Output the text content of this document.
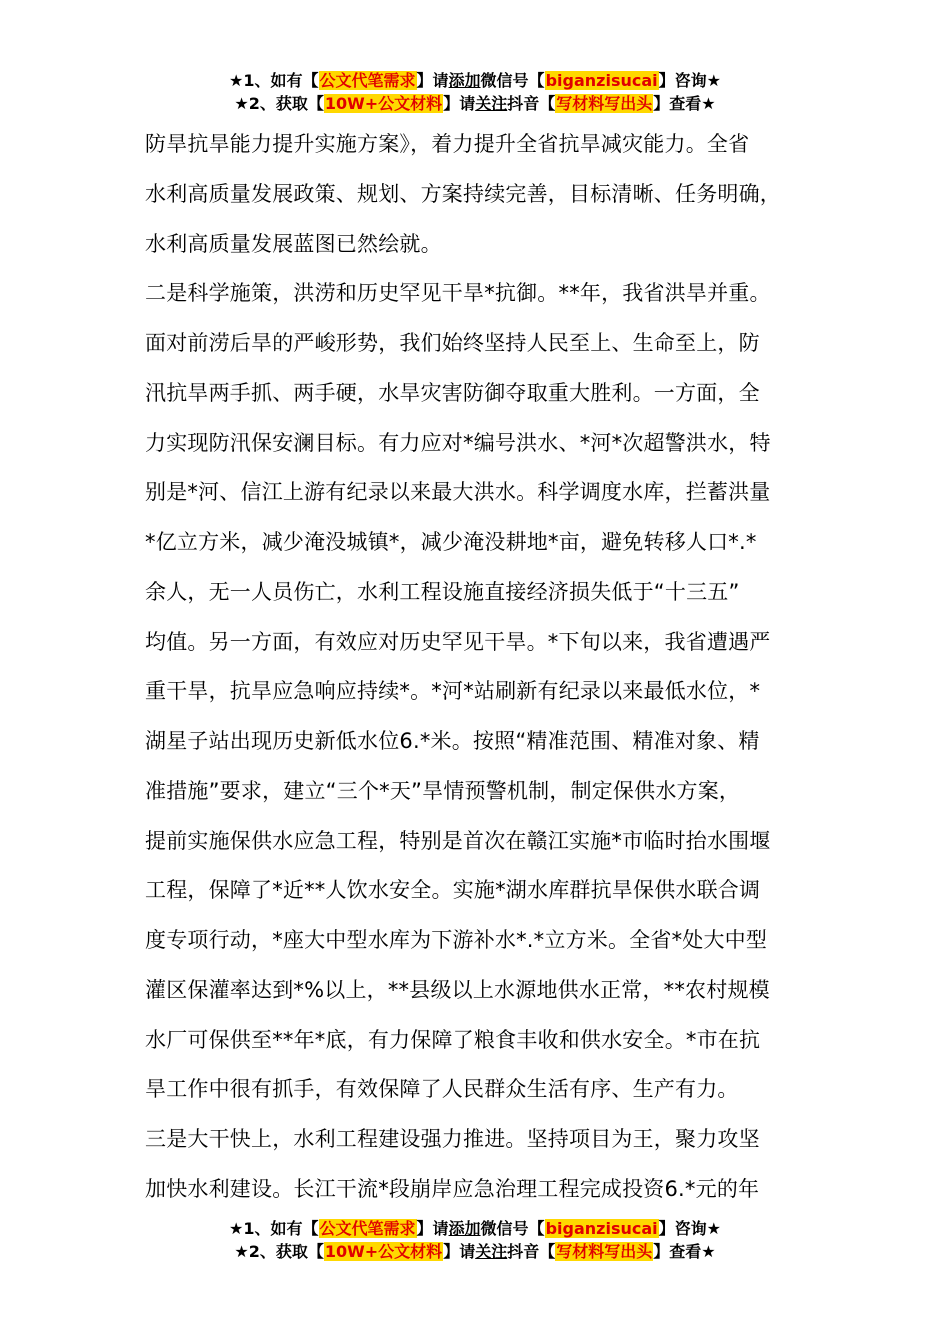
★1、如有【公文代笔需求】请添加微信号【biganzisucai】咨询★
★2、获取【10W+公文材料】请关注抖音【写材料写出头】查看★
防旱抗旱能力提升实施方案》，着力提升全省抗旱减灾能力。全省
水利高质量发展政策、规划、方案持续完善，目标清晰、任务明确，
水利高质量发展蓝图已然绘就。
二是科学施策，洪涝和历史罕见干旱*抗御。**年，我省洪旱并重。
面对前涝后旱的严峻形势，我们始终坚持人民至上、生命至上，防
汛抗旱两手抓、两手硬，水旱灾害防御夺取重大胜利。一方面，全
力实现防汛保安澜目标。有力应对*编号洪水、*河*次超警洪水，特
别是*河、信江上游有纪录以来最大洪水。科学调度水库，拦蓄洪量
*亿立方米，减少淹没城镇*，减少淹没耕地*亩，避免转移人口*.*
余人，无一人员伤亡，水利工程设施直接经济损失低于“十三五”
均值。另一方面，有效应对历史罕见干旱。*下旬以来，我省遭遇严
重干旱，抗旱应急响应持续*。*河*站刷新有纪录以来最低水位，*
湖星子站出现历史新低水位6.*米。按照“精准范围、精准对象、精
准措施”要求，建立“三个*天”旱情预警机制，制定保供水方案，
提前实施保供水应急工程，特别是首次在赣江实施*市临时抬水围堰
工程，保障了*近**人饮水安全。实施*湖水库群抗旱保供水联合调
度专项行动，*座大中型水库为下游补水*.*立方米。全省*处大中型
灌区保灌率达到*%以上，**县级以上水源地供水正常，**农村规模
水厂可保供至**年*底，有力保障了粮食丰收和供水安全。*市在抗
旱工作中很有抓手，有效保障了人民群众生活有序、生产有力。
三是大干快上，水利工程建设强力推进。坚持项目为王，聚力攻坚
加快水利建设。长江干流*段崩岸应急治理工程完成投资6.*元的年
★1、如有【公文代笔需求】请添加微信号【biganzisucai】咨询★
★2、获取【10W+公文材料】请关注抖音【写材料写出头】查看★
